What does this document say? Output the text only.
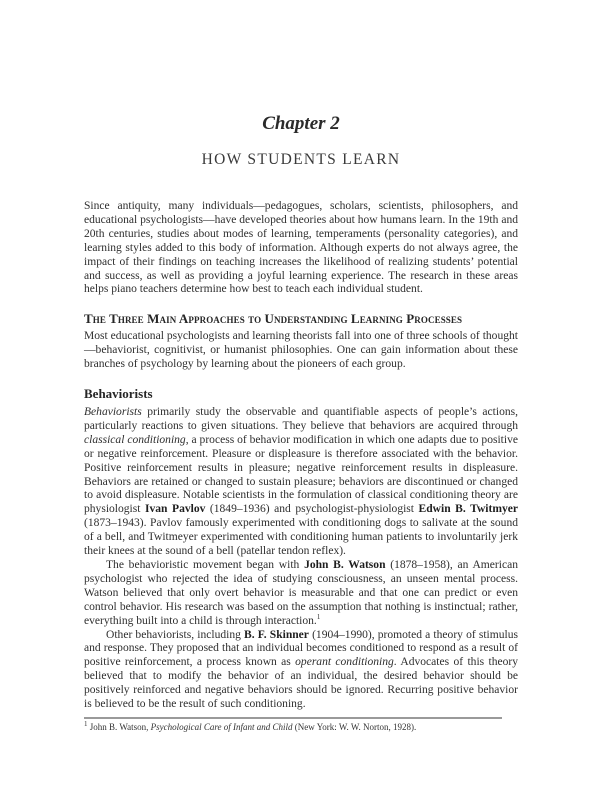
Chapter 2
HOW STUDENTS LEARN

Since antiquity, many individuals—pedagogues, scholars, scientists, philosophers, and educational psychologists—have developed theories about how humans learn. In the 19th and 20th centuries, studies about modes of learning, temperaments (personality categories), and learning styles added to this body of information. Although experts do not always agree, the impact of their findings on teaching increases the likelihood of realizing students’ potential and success, as well as providing a joyful learning experience. The research in these areas helps piano teachers determine how best to teach each individual student.

The Three Main Approaches to Understanding Learning Processes

Most educational psychologists and learning theorists fall into one of three schools of thought—behaviorist, cognitivist, or humanist philosophies. One can gain information about these branches of psychology by learning about the pioneers of each group.

Behaviorists

Behaviorists primarily study the observable and quantifiable aspects of people’s actions, particularly reactions to given situations. They believe that behaviors are acquired through classical conditioning, a process of behavior modification in which one adapts due to positive or negative reinforcement. Pleasure or displeasure is therefore associated with the behavior. Positive reinforcement results in pleasure; negative reinforcement results in displeasure. Behaviors are retained or changed to sustain pleasure; behaviors are discontinued or changed to avoid displeasure. Notable scientists in the formulation of classical conditioning theory are physiologist Ivan Pavlov (1849–1936) and psychologist-physiologist Edwin B. Twitmyer (1873–1943). Pavlov famously experimented with conditioning dogs to salivate at the sound of a bell, and Twitmeyer experimented with conditioning human patients to involuntarily jerk their knees at the sound of a bell (patellar tendon reflex).

The behavioristic movement began with John B. Watson (1878–1958), an American psychologist who rejected the idea of studying consciousness, an unseen mental process. Watson believed that only overt behavior is measurable and that one can predict or even control behavior. His research was based on the assumption that nothing is instinctual; rather, everything built into a child is through interaction.$^1$

Other behaviorists, including B. F. Skinner (1904–1990), promoted a theory of stimulus and response. They proposed that an individual becomes conditioned to respond as a result of positive reinforcement, a process known as operant conditioning. Advocates of this theory believed that to modify the behavior of an individual, the desired behavior should be positively reinforced and negative behaviors should be ignored. Recurring positive behavior is believed to be the result of such conditioning.

$^1$ John B. Watson, Psychological Care of Infant and Child (New York: W. W. Norton, 1928).
